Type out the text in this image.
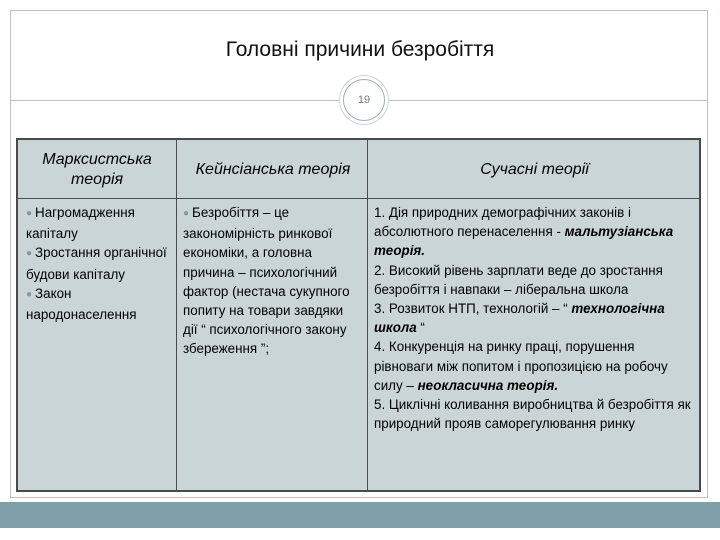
Головні причини безробіття
19
Марксистська теорія
Кейнсіанська теорія	Сучасні теорії

● Нагромадження капіталу

● Зростання органічної будови капіталу

● Закон народонаселення

● Безробіття – це закономірність ринкової економіки, а головна причина – психологічний фактор (нестача сукупного попиту на товари завдяки дії “ психологічного закону збереження ”;

1. Дія природних демографічних законів і абсолютного перенаселення - мальтузіанська теорія.

2. Високий рівень зарплати веде до зростання безробіття і навпаки – ліберальна школа

3. Розвиток НТП, технологій – “ технологічна школа “

4. Конкуренція на ринку праці, порушення рівноваги між попитом і пропозицією на робочу силу – неокласична теорія.

5. Циклічні коливання виробництва й безробіття як природний прояв саморегулювання ринку
